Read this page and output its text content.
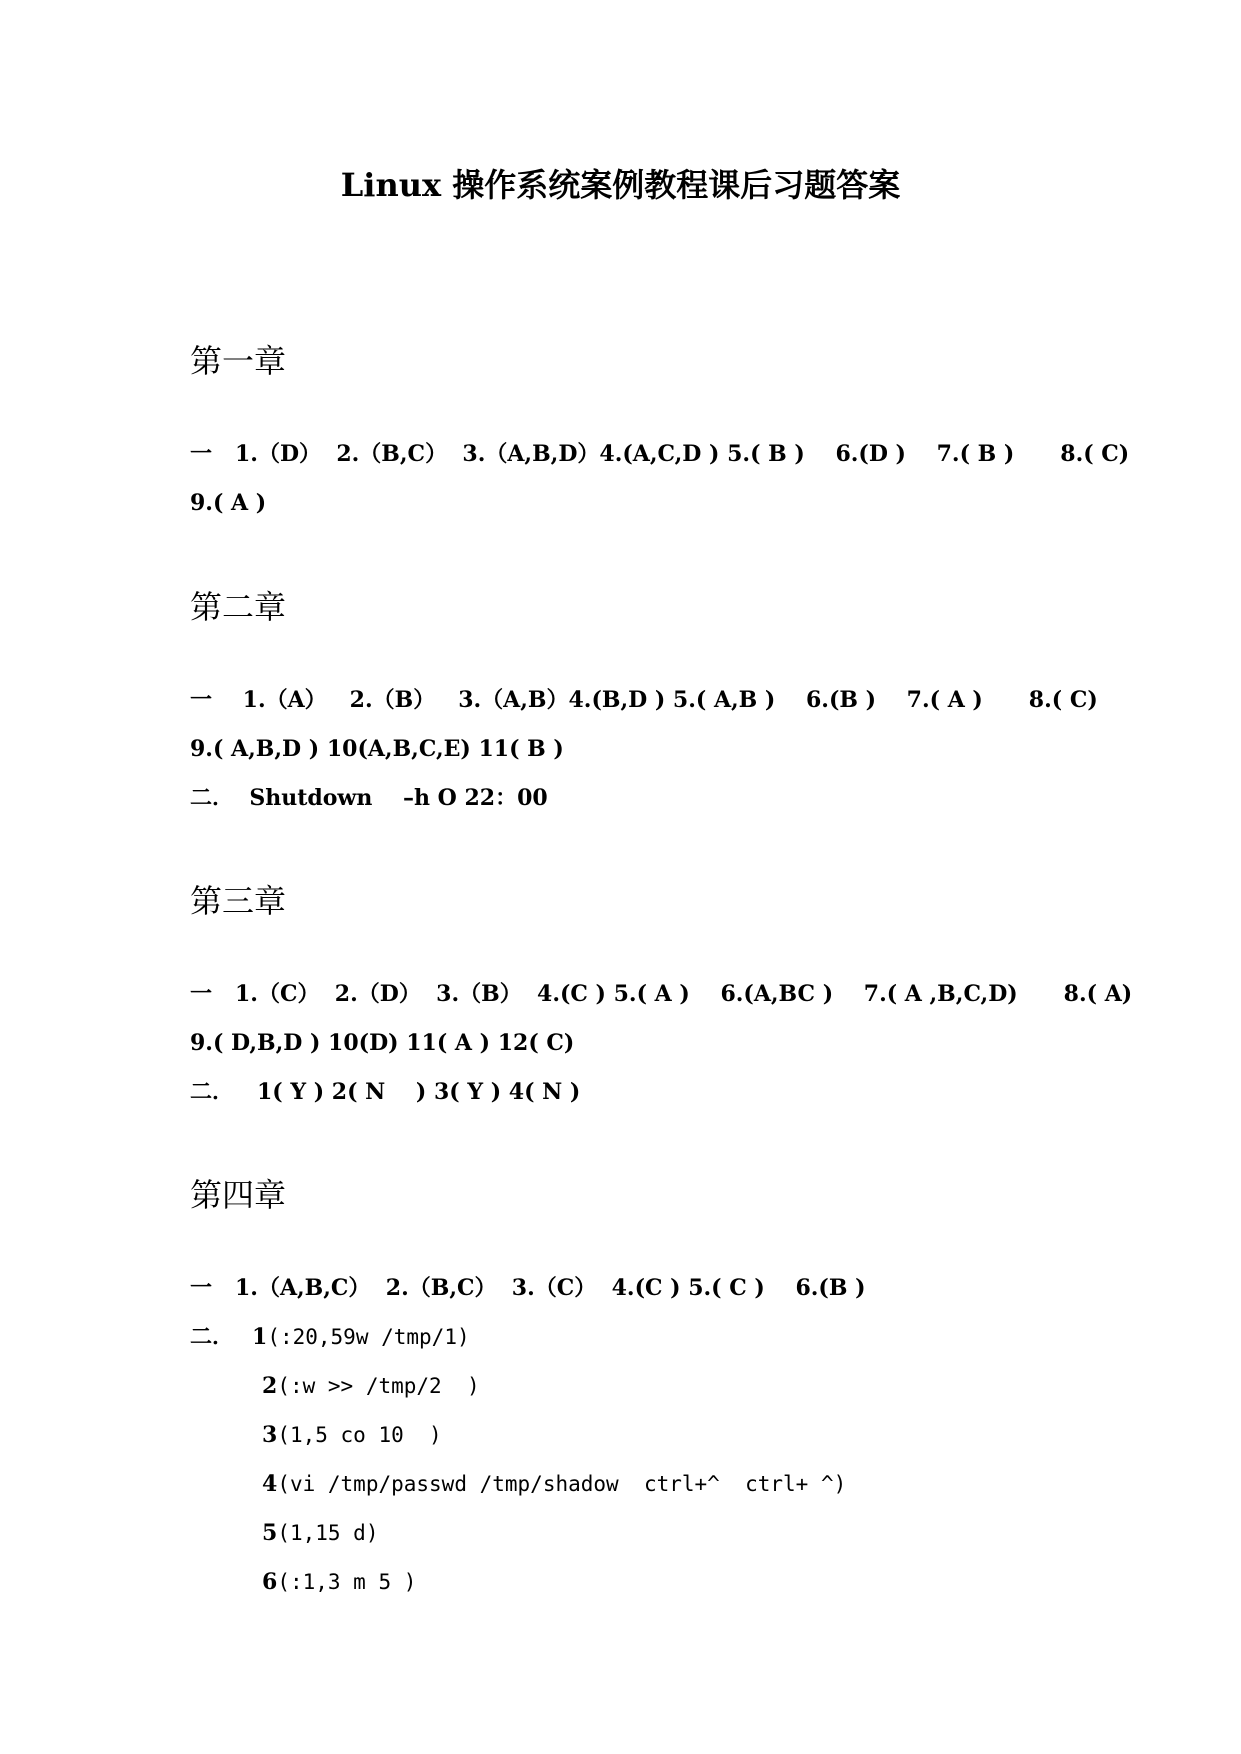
Linux 操作系统案例教程课后习题答案
第一章
一   1.（D）  2.（B,C）  3.（A,B,D）4.(A,C,D ) 5.( B )    6.(D )    7.( B )      8.( C)
9.( A )
第二章
一    1.（A）   2.（B）   3.（A,B）4.(B,D ) 5.( A,B )    6.(B )    7.( A )      8.( C)
9.( A,B,D ) 10(A,B,C,E) 11( B )
二．  Shutdown    –h O 22：00
第三章
一   1.（C）  2.（D）  3.（B）  4.(C ) 5.( A )    6.(A,BC )    7.( A ,B,C,D)      8.( A)
9.( D,B,D ) 10(D) 11( A ) 12( C)
二．   1( Y ) 2( N    ) 3( Y ) 4( N )
第四章
一   1.（A,B,C）  2.（B,C）  3.（C）  4.(C ) 5.( C )    6.(B )
二． 1(:20,59w /tmp/1)
2(:w >> /tmp/2  )
3(1,5 co 10  )
4(vi /tmp/passwd /tmp/shadow  ctrl+^  ctrl+ ^)
5(1,15 d)
6(:1,3 m 5 )
